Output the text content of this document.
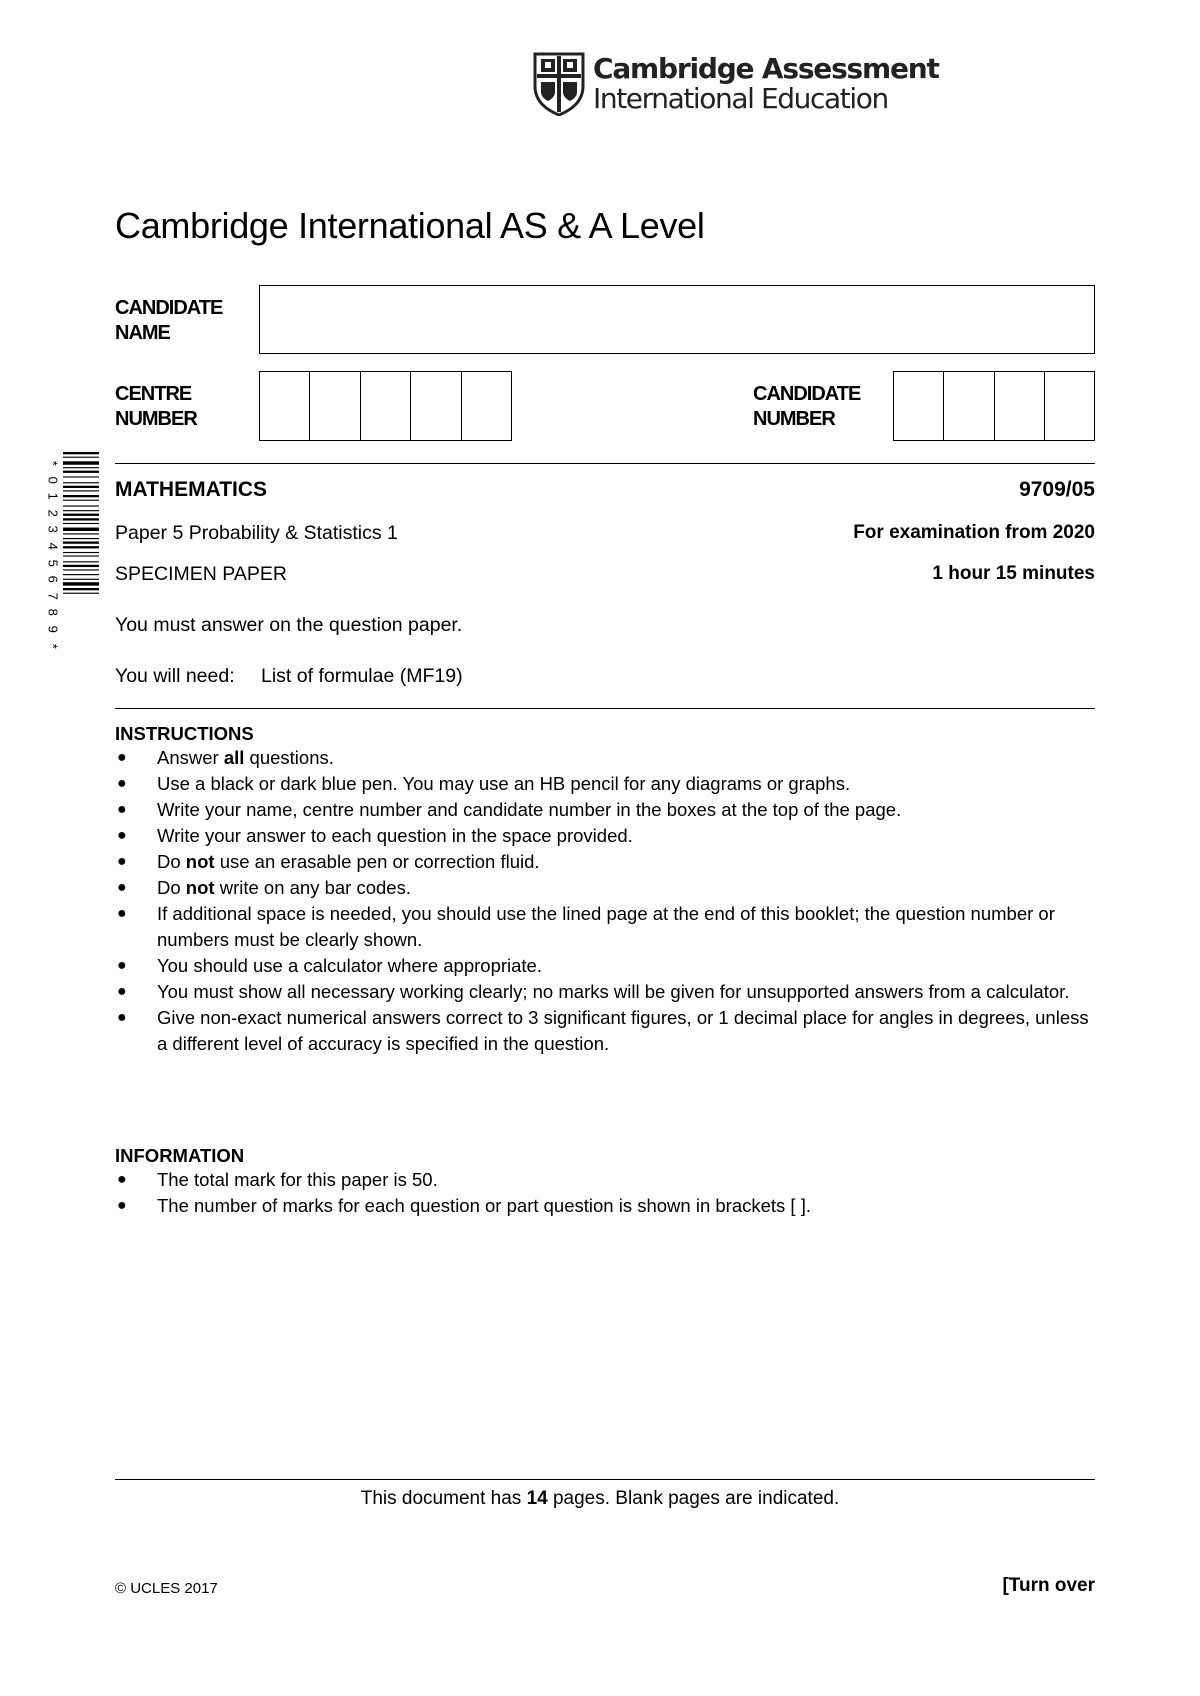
Cambridge Assessment
International Education
Cambridge International AS & A Level
CANDIDATE
NAME
CENTRE
NUMBER
CANDIDATE
NUMBER
*
0
1
2
3
4
5
6
7
8
9
*
MATHEMATICS	9709/05
Paper 5 Probability & Statistics 1	For examination from 2020
SPECIMEN PAPER	1 hour 15 minutes
You must answer on the question paper.
You will need: List of formulae (MF19)
INSTRUCTIONS
● Answer all questions.
● Use a black or dark blue pen. You may use an HB pencil for any diagrams or graphs.
● Write your name, centre number and candidate number in the boxes at the top of the page.
● Write your answer to each question in the space provided.
● Do not use an erasable pen or correction fluid.
● Do not write on any bar codes.
● If additional space is needed, you should use the lined page at the end of this booklet; the question number or numbers must be clearly shown.
● You should use a calculator where appropriate.
● You must show all necessary working clearly; no marks will be given for unsupported answers from a calculator.
● Give non-exact numerical answers correct to 3 significant figures, or 1 decimal place for angles in degrees, unless a different level of accuracy is specified in the question.
INFORMATION
● The total mark for this paper is 50.
● The number of marks for each question or part question is shown in brackets [ ].
This document has 14 pages. Blank pages are indicated.
© UCLES 2017	[Turn over
